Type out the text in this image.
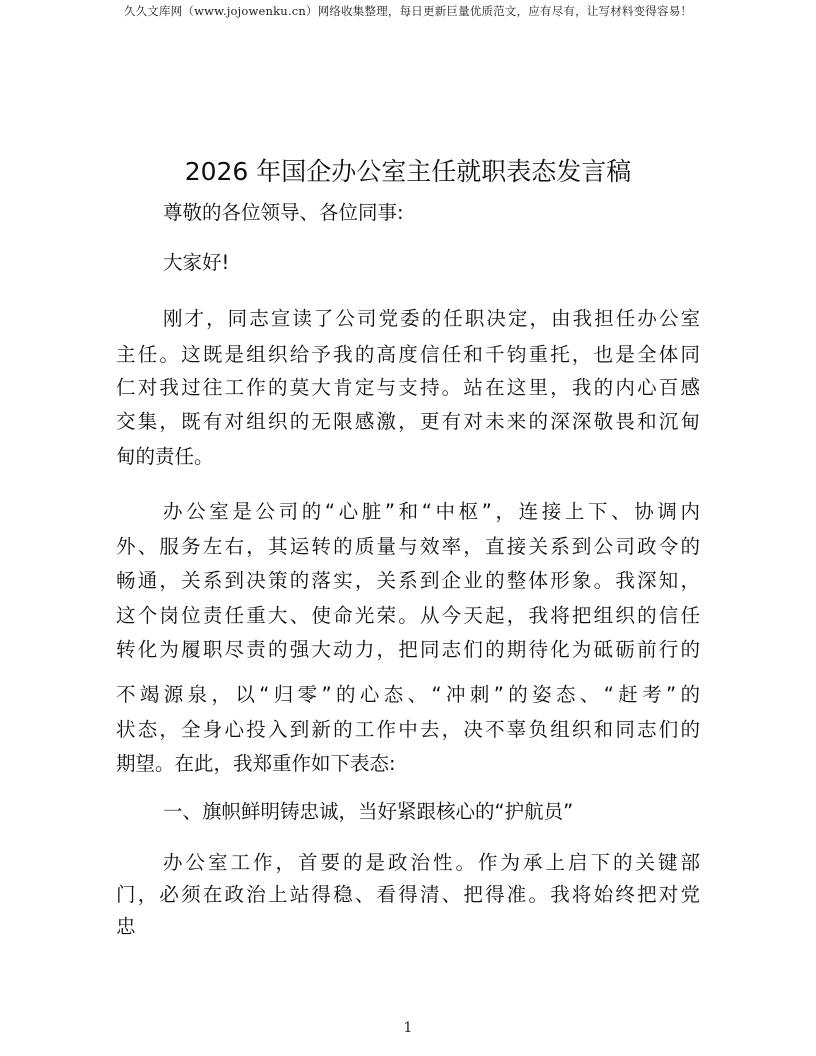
久久文库网（www.jojowenku.cn）网络收集整理，每日更新巨量优质范文，应有尽有，让写材料变得容易！
2026 年国企办公室主任就职表态发言稿

尊敬的各位领导、各位同事:

大家好!

刚才，同志宣读了公司党委的任职决定，由我担任办公室

主任。这既是组织给予我的高度信任和千钧重托，也是全体同

仁对我过往工作的莫大肯定与支持。站在这里，我的内心百感

交集，既有对组织的无限感激，更有对未来的深深敬畏和沉甸

甸的责任。

办公室是公司的“心脏”和“中枢”，连接上下、协调内

外、服务左右，其运转的质量与效率，直接关系到公司政令的

畅通，关系到决策的落实，关系到企业的整体形象。我深知，

这个岗位责任重大、使命光荣。从今天起，我将把组织的信任

转化为履职尽责的强大动力，把同志们的期待化为砥砺前行的

不竭源泉，以“归零”的心态、“冲刺”的姿态、“赶考”的

状态，全身心投入到新的工作中去，决不辜负组织和同志们的

期望。在此，我郑重作如下表态:

一、旗帜鲜明铸忠诚，当好紧跟核心的“护航员”

办公室工作，首要的是政治性。作为承上启下的关键部

门，必须在政治上站得稳、看得清、把得准。我将始终把对党

忠

1
